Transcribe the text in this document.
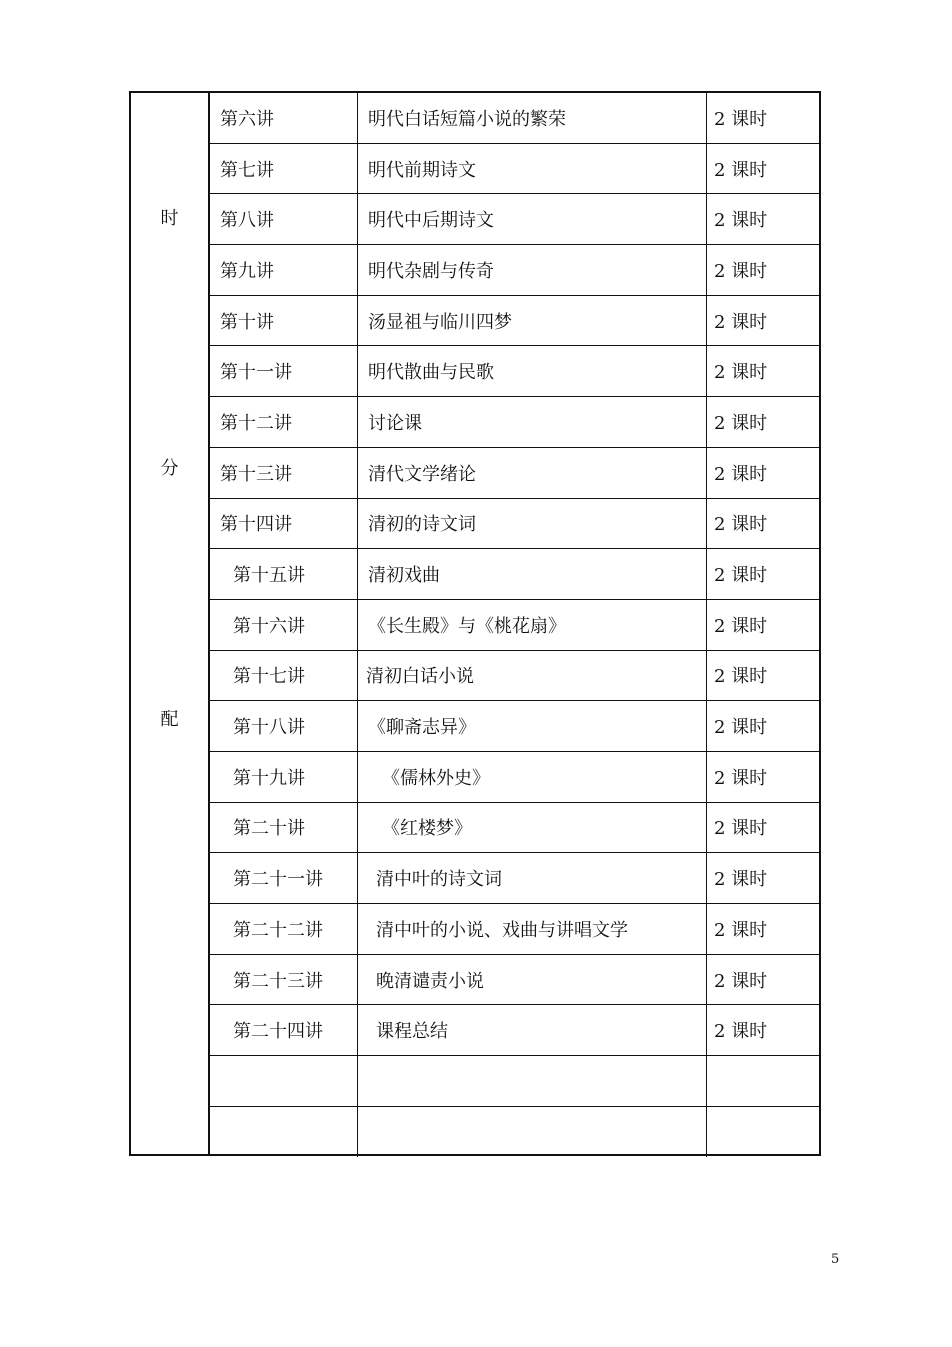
时
分
配
第六讲	明代白话短篇小说的繁荣	2 课时
第七讲	明代前期诗文	2 课时
第八讲	明代中后期诗文	2 课时
第九讲	明代杂剧与传奇	2 课时
第十讲	汤显祖与临川四梦	2 课时
第十一讲	明代散曲与民歌	2 课时
第十二讲	讨论课	2 课时
第十三讲	清代文学绪论	2 课时
第十四讲	清初的诗文词	2 课时
第十五讲	清初戏曲	2 课时
第十六讲	《长生殿》与《桃花扇》	2 课时
第十七讲	清初白话小说	2 课时
第十八讲	《聊斋志异》	2 课时
第十九讲	《儒林外史》	2 课时
第二十讲	《红楼梦》	2 课时
第二十一讲	清中叶的诗文词	2 课时
第二十二讲	清中叶的小说、戏曲与讲唱文学	2 课时
第二十三讲	晚清谴责小说	2 课时
第二十四讲	课程总结	2 课时
5
